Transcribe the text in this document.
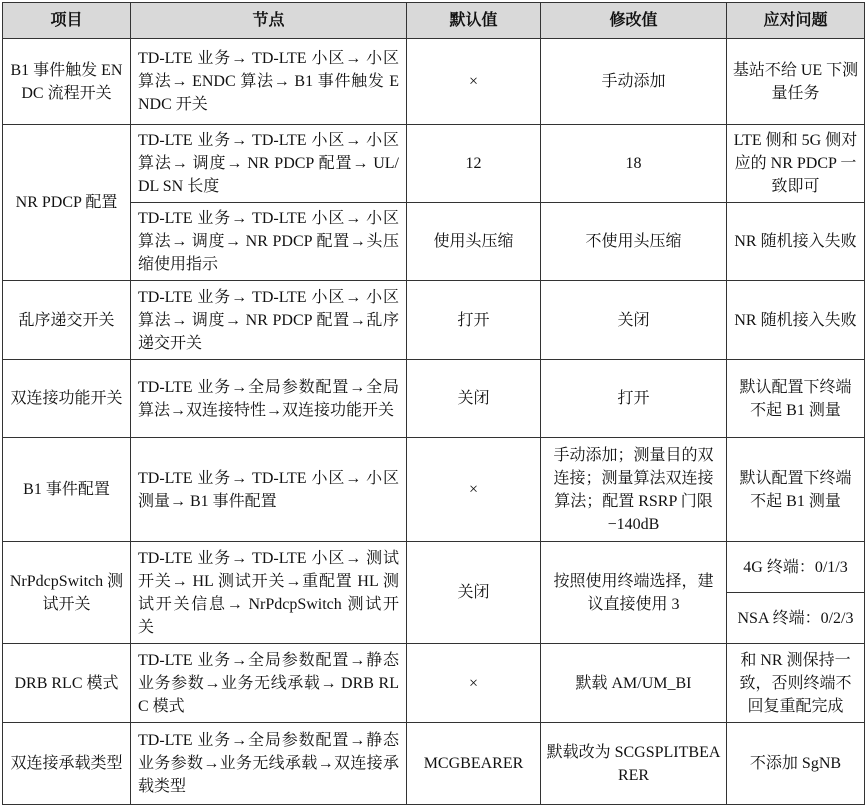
项目	节点	默认值	修改值	应对问题
B1 事件触发 ENDC 流程开关	TD-LTE 业务→ TD-LTE 小区→ 小区算法→ ENDC 算法→ B1 事件触发 ENDC 开关	×	手动添加	基站不给 UE 下测量任务
NR PDCP 配置	TD-LTE 业务→ TD-LTE 小区→ 小区算法→ 调度→ NR PDCP 配置→ UL/DL SN 长度	12	18	LTE 侧和 5G 侧对应的 NR PDCP 一致即可
	TD-LTE 业务→ TD-LTE 小区→ 小区算法→ 调度→ NR PDCP 配置→头压缩使用指示	使用头压缩	不使用头压缩	NR 随机接入失败
乱序递交开关	TD-LTE 业务→ TD-LTE 小区→ 小区算法→ 调度→ NR PDCP 配置→乱序递交开关	打开	关闭	NR 随机接入失败
双连接功能开关	TD-LTE 业务→全局参数配置→全局算法→双连接特性→双连接功能开关	关闭	打开	默认配置下终端不起 B1 测量
B1 事件配置	TD-LTE 业务→ TD-LTE 小区→ 小区测量→ B1 事件配置	×	手动添加；测量目的双连接；测量算法双连接算法；配置 RSRP 门限 −140dB	默认配置下终端不起 B1 测量
NrPdcpSwitch 测试开关	TD-LTE 业务→ TD-LTE 小区→ 测试开关→ HL 测试开关→重配置 HL 测试开关信息→ NrPdcpSwitch 测试开关	关闭	按照使用终端选择，建议直接使用 3	4G 终端：0/1/3
				NSA 终端：0/2/3
DRB RLC 模式	TD-LTE 业务→全局参数配置→静态业务参数→业务无线承载→ DRB RLC 模式	×	默载 AM/UM_BI	和 NR 测保持一致，否则终端不回复重配完成
双连接承载类型	TD-LTE 业务→全局参数配置→静态业务参数→业务无线承载→双连接承载类型	MCGBEARER	默载改为 SCGSPLITBEARER	不添加 SgNB
